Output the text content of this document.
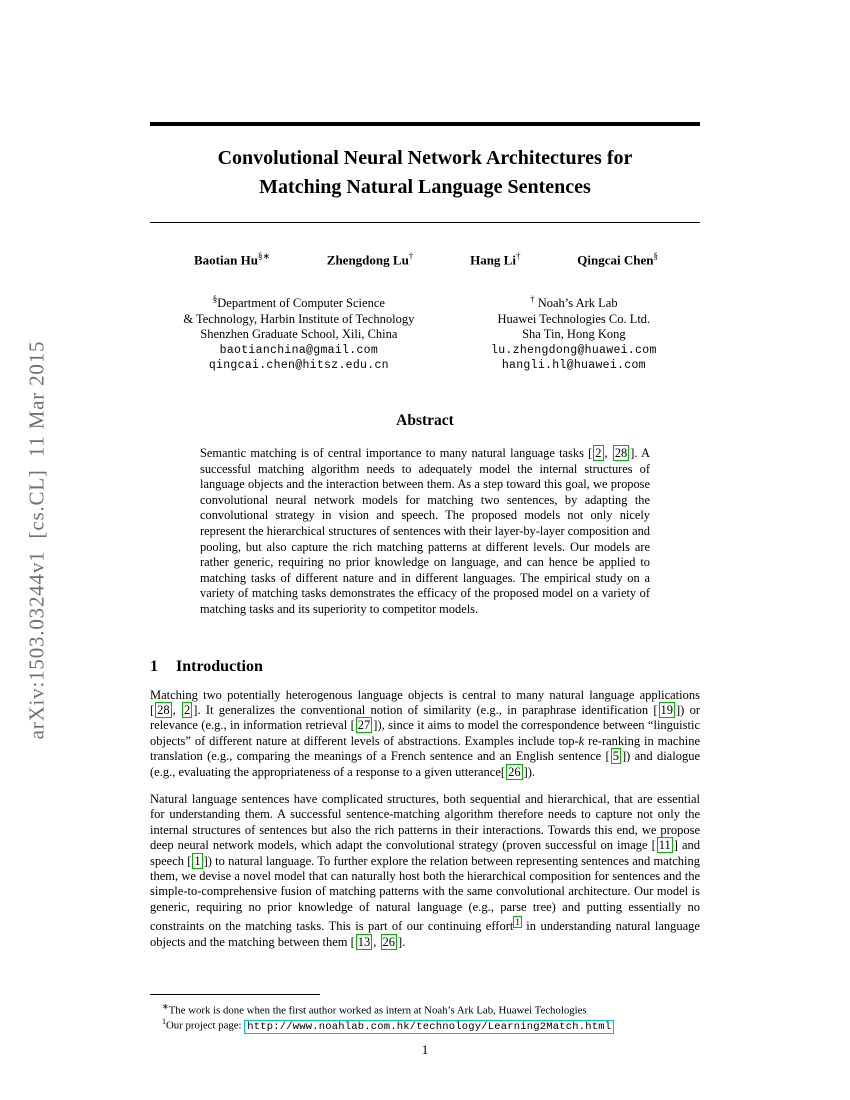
arXiv:1503.03244v1  [cs.CL]  11 Mar 2015
Convolutional Neural Network Architectures for
Matching Natural Language Sentences
Baotian Hu§∗	Zhengdong Lu†	Hang Li†	Qingcai Chen§
§Department of Computer Science
& Technology, Harbin Institute of Technology
Shenzhen Graduate School, Xili, China
baotianchina@gmail.com
qingcai.chen@hitsz.edu.cn
† Noah’s Ark Lab
Huawei Technologies Co. Ltd.
Sha Tin, Hong Kong
lu.zhengdong@huawei.com
hangli.hl@huawei.com
Abstract

Semantic matching is of central importance to many natural language tasks [ 2 , 28 ]. A successful matching algorithm needs to adequately model the internal structures of language objects and the interaction between them. As a step toward this goal, we propose convolutional neural network models for matching two sentences, by adapting the convolutional strategy in vision and speech. The proposed models not only nicely represent the hierarchical structures of sentences with their layer-by-layer composition and pooling, but also capture the rich matching patterns at different levels. Our models are rather generic, requiring no prior knowledge on language, and can hence be applied to matching tasks of different nature and in different languages. The empirical study on a variety of matching tasks demonstrates the efficacy of the proposed model on a variety of matching tasks and its superiority to competitor models.

1 Introduction

Matching two potentially heterogenous language objects is central to many natural language applications [ 28 , 2 ]. It generalizes the conventional notion of similarity (e.g., in paraphrase identification [ 19 ]) or relevance (e.g., in information retrieval [ 27 ]), since it aims to model the correspondence between “linguistic objects” of different nature at different levels of abstractions. Examples include top-k re-ranking in machine translation (e.g., comparing the meanings of a French sentence and an English sentence [ 5 ]) and dialogue (e.g., evaluating the appropriateness of a response to a given utterance[ 26 ]).

Natural language sentences have complicated structures, both sequential and hierarchical, that are essential for understanding them. A successful sentence-matching algorithm therefore needs to capture not only the internal structures of sentences but also the rich patterns in their interactions. Towards this end, we propose deep neural network models, which adapt the convolutional strategy (proven successful on image [ 11 ] and speech [ 1 ]) to natural language. To further explore the relation between representing sentences and matching them, we devise a novel model that can naturally host both the hierarchical composition for sentences and the simple-to-comprehensive fusion of matching patterns with the same convolutional architecture. Our model is generic, requiring no prior knowledge of natural language (e.g., parse tree) and putting essentially no constraints on the matching tasks. This is part of our continuing effort $^1$ in understanding natural language objects and the matching between them [ 13 , 26 ].

∗The work is done when the first author worked as intern at Noah’s Ark Lab, Huawei Techologies
$^1$Our project page: http://www.noahlab.com.hk/technology/Learning2Match.html
1
